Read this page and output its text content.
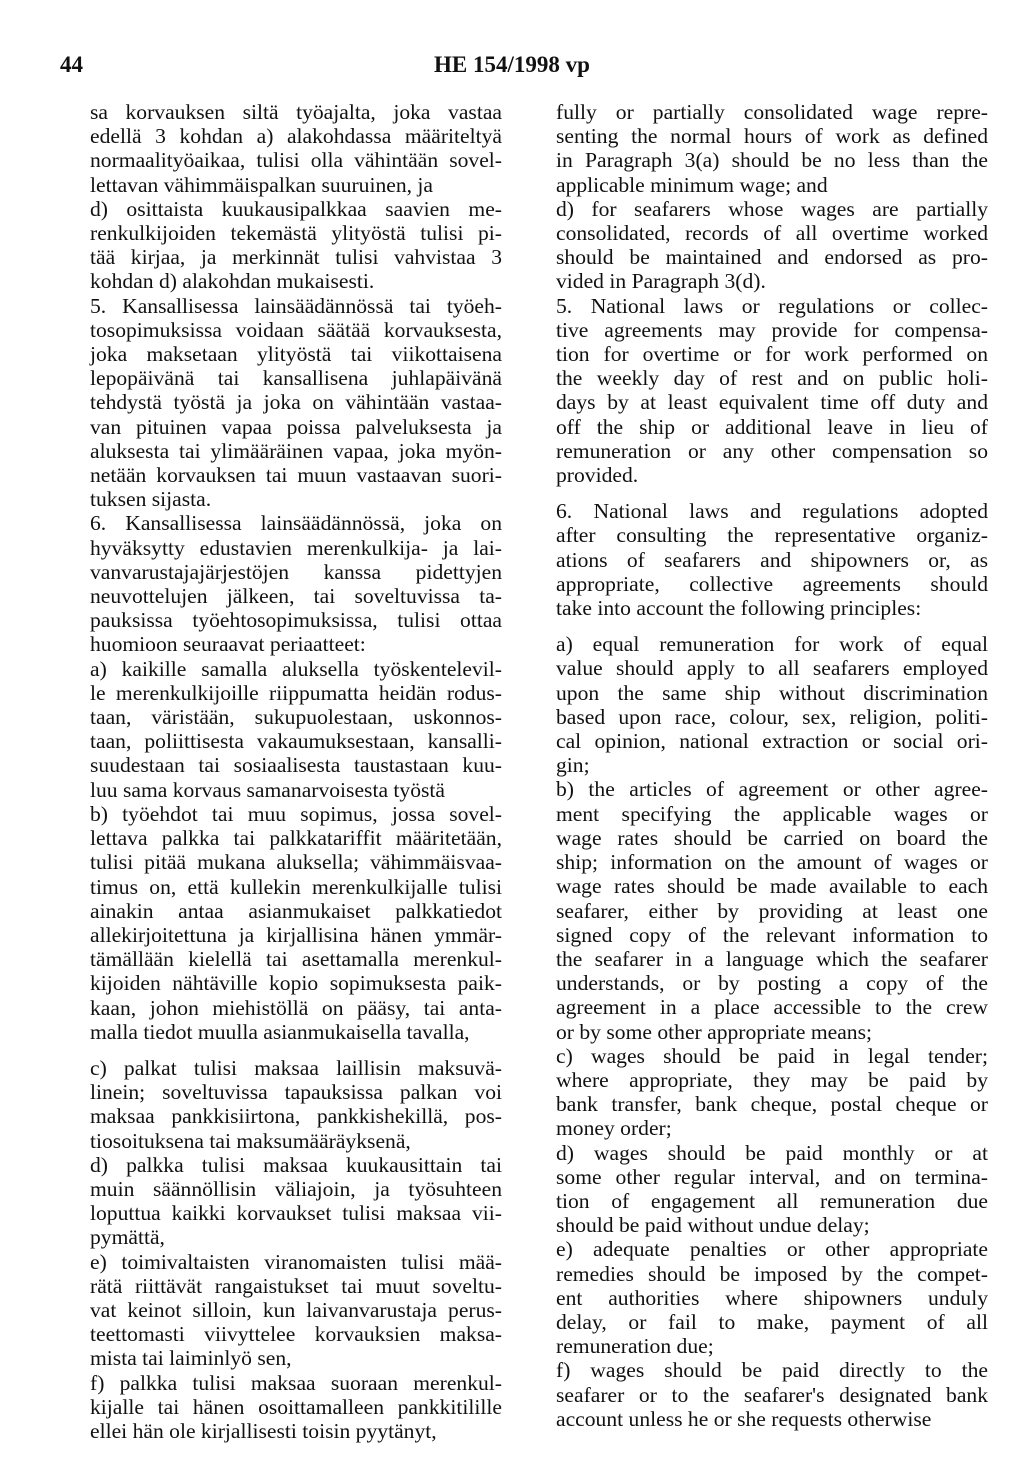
44	HE 154/1998 vp
sa korvauksen siltä työajalta, joka vastaa
edellä 3 kohdan a) alakohdassa määriteltyä
normaalityöaikaa, tulisi olla vähintään sovel-
lettavan vähimmäispalkan suuruinen, ja
d) osittaista kuukausipalkkaa saavien me-
renkulkijoiden tekemästä ylityöstä tulisi pi-
tää kirjaa, ja merkinnät tulisi vahvistaa 3
kohdan d) alakohdan mukaisesti.
5. Kansallisessa lainsäädännössä tai työeh-
tosopimuksissa voidaan säätää korvauksesta,
joka maksetaan ylityöstä tai viikottaisena
lepopäivänä tai kansallisena juhlapäivänä
tehdystä työstä ja joka on vähintään vastaa-
van pituinen vapaa poissa palveluksesta ja
aluksesta tai ylimääräinen vapaa, joka myön-
netään korvauksen tai muun vastaavan suori-
tuksen sijasta.
6. Kansallisessa lainsäädännössä, joka on
hyväksytty edustavien merenkulkija- ja lai-
vanvarustajajärjestöjen kanssa pidettyjen
neuvottelujen jälkeen, tai soveltuvissa ta-
pauksissa työehtosopimuksissa, tulisi ottaa
huomioon seuraavat periaatteet:
a) kaikille samalla aluksella työskentelevil-
le merenkulkijoille riippumatta heidän rodus-
taan, väristään, sukupuolestaan, uskonnos-
taan, poliittisesta vakaumuksestaan, kansalli-
suudestaan tai sosiaalisesta taustastaan kuu-
luu sama korvaus samanarvoisesta työstä
b) työehdot tai muu sopimus, jossa sovel-
lettava palkka tai palkkatariffit määritetään,
tulisi pitää mukana aluksella; vähimmäisvaa-
timus on, että kullekin merenkulkijalle tulisi
ainakin antaa asianmukaiset palkkatiedot
allekirjoitettuna ja kirjallisina hänen ymmär-
tämällään kielellä tai asettamalla merenkul-
kijoiden nähtäville kopio sopimuksesta paik-
kaan, johon miehistöllä on pääsy, tai anta-
malla tiedot muulla asianmukaisella tavalla,
c) palkat tulisi maksaa laillisin maksuvä-
linein; soveltuvissa tapauksissa palkan voi
maksaa pankkisiirtona, pankkishekillä, pos-
tiosoituksena tai maksumääräyksenä,
d) palkka tulisi maksaa kuukausittain tai
muin säännöllisin väliajoin, ja työsuhteen
loputtua kaikki korvaukset tulisi maksaa vii-
pymättä,
e) toimivaltaisten viranomaisten tulisi mää-
rätä riittävät rangaistukset tai muut soveltu-
vat keinot silloin, kun laivanvarustaja perus-
teettomasti viivyttelee korvauksien maksa-
mista tai laiminlyö sen,
f) palkka tulisi maksaa suoraan merenkul-
kijalle tai hänen osoittamalleen pankkitilille
ellei hän ole kirjallisesti toisin pyytänyt,
fully or partially consolidated wage repre-
senting the normal hours of work as defined
in Paragraph 3(a) should be no less than the
applicable minimum wage; and
d) for seafarers whose wages are partially
consolidated, records of all overtime worked
should be maintained and endorsed as pro-
vided in Paragraph 3(d).
5. National laws or regulations or collec-
tive agreements may provide for compensa-
tion for overtime or for work performed on
the weekly day of rest and on public holi-
days by at least equivalent time off duty and
off the ship or additional leave in lieu of
remuneration or any other compensation so
provided.
6. National laws and regulations adopted
after consulting the representative organiz-
ations of seafarers and shipowners or, as
appropriate, collective agreements should
take into account the following principles:
a) equal remuneration for work of equal
value should apply to all seafarers employed
upon the same ship without discrimination
based upon race, colour, sex, religion, politi-
cal opinion, national extraction or social ori-
gin;
b) the articles of agreement or other agree-
ment specifying the applicable wages or
wage rates should be carried on board the
ship; information on the amount of wages or
wage rates should be made available to each
seafarer, either by providing at least one
signed copy of the relevant information to
the seafarer in a language which the seafarer
understands, or by posting a copy of the
agreement in a place accessible to the crew
or by some other appropriate means;
c) wages should be paid in legal tender;
where appropriate, they may be paid by
bank transfer, bank cheque, postal cheque or
money order;
d) wages should be paid monthly or at
some other regular interval, and on termina-
tion of engagement all remuneration due
should be paid without undue delay;
e) adequate penalties or other appropriate
remedies should be imposed by the compet-
ent authorities where shipowners unduly
delay, or fail to make, payment of all
remuneration due;
f) wages should be paid directly to the
seafarer or to the seafarer's designated bank
account unless he or she requests otherwise
